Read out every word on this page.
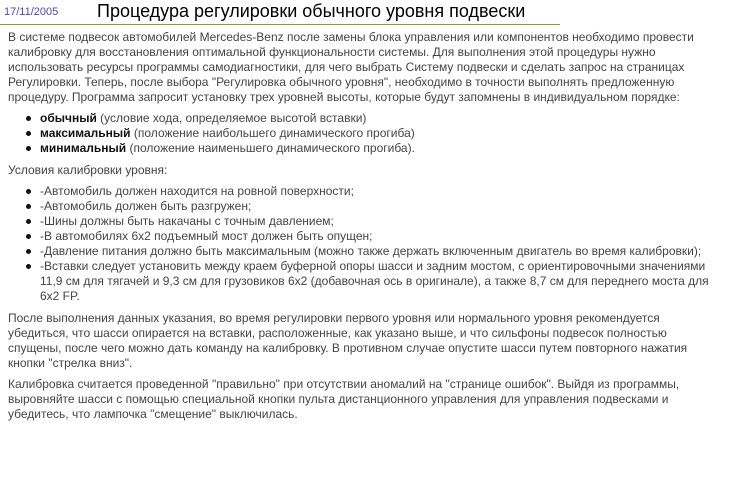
17/11/2005 Процедура регулировки обычного уровня подвески

В системе подвесок автомобилей Mercedes-Benz после замены блока управления или компонентов необходимо провести калибровку для восстановления оптимальной функциональности системы. Для выполнения этой процедуры нужно использовать ресурсы программы самодиагностики, для чего выбрать Систему подвески и сделать запрос на страницах Регулировки. Теперь, после выбора "Регулировка обычного уровня", необходимо в точности выполнять предложенную процедуру. Программа запросит установку трех уровней высоты, которые будут запомнены в индивидуальном порядке:

обычный (условие хода, определяемое высотой вставки)
максимальный (положение наибольшего динамического прогиба)
минимальный (положение наименьшего динамического прогиба).

Условия калибровки уровня:

-Автомобиль должен находится на ровной поверхности;
-Автомобиль должен быть разгружен;
-Шины должны быть накачаны с точным давлением;
-В автомобилях 6x2 подъемный мост должен быть опущен;
-Давление питания должно быть максимальным (можно также держать включенным двигатель во время калибровки);
-Вставки следует установить между краем буферной опоры шасси и задним мостом, с ориентировочными значениями 11,9 см для тягачей и 9,3 см для грузовиков 6x2 (добавочная ось в оригинале), а также 8,7 см для переднего моста для 6x2 FP.

После выполнения данных указания, во время регулировки первого уровня или нормального уровня рекомендуется убедиться, что шасси опирается на вставки, расположенные, как указано выше, и что сильфоны подвесок полностью спущены, после чего можно дать команду на калибровку. В противном случае опустите шасси путем повторного нажатия кнопки "стрелка вниз".

Калибровка считается проведенной "правильно" при отсутствии аномалий на "странице ошибок". Выйдя из программы, выровняйте шасси с помощью специальной кнопки пульта дистанционного управления для управления подвесками и убедитесь, что лампочка "смещение" выключилась.
